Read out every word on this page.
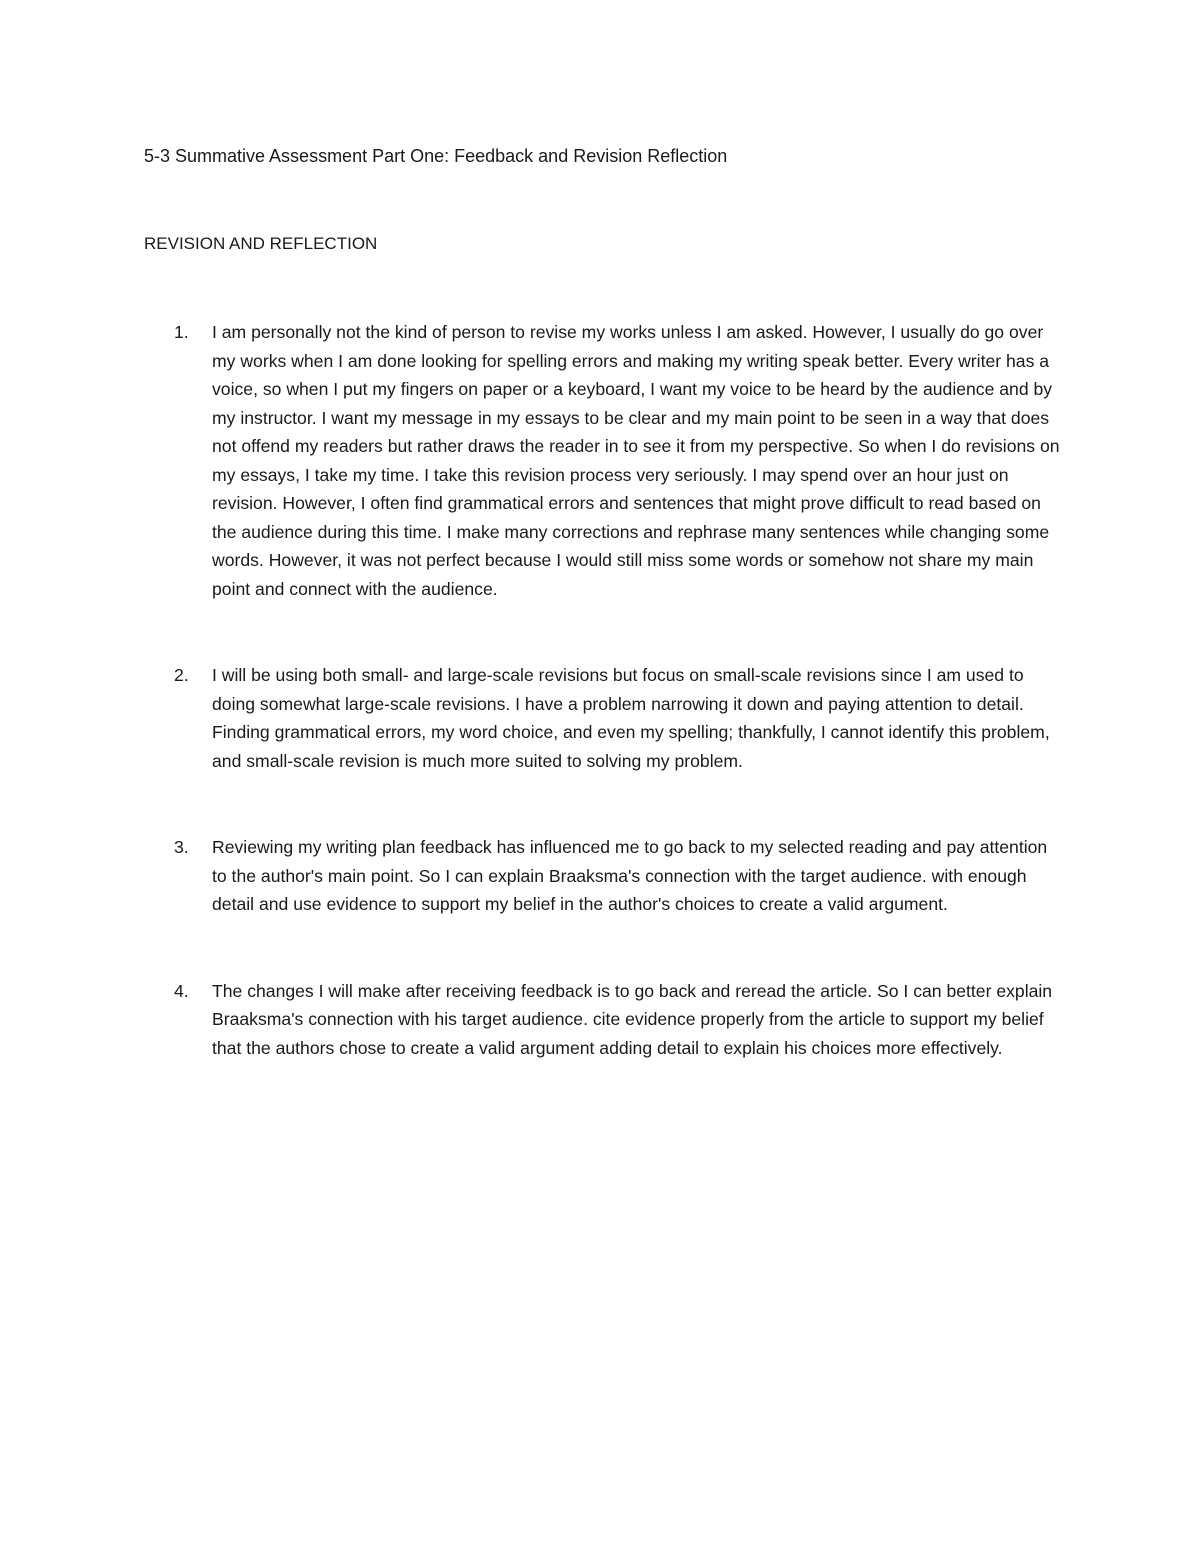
5-3 Summative Assessment Part One: Feedback and Revision Reflection
REVISION AND REFLECTION
1. I am personally not the kind of person to revise my works unless I am asked. However, I usually do go over my works when I am done looking for spelling errors and making my writing speak better. Every writer has a voice, so when I put my fingers on paper or a keyboard, I want my voice to be heard by the audience and by my instructor. I want my message in my essays to be clear and my main point to be seen in a way that does not offend my readers but rather draws the reader in to see it from my perspective. So when I do revisions on my essays, I take my time. I take this revision process very seriously. I may spend over an hour just on revision. However, I often find grammatical errors and sentences that might prove difficult to read based on the audience during this time. I make many corrections and rephrase many sentences while changing some words. However, it was not perfect because I would still miss some words or somehow not share my main point and connect with the audience.
2. I will be using both small- and large-scale revisions but focus on small-scale revisions since I am used to doing somewhat large-scale revisions. I have a problem narrowing it down and paying attention to detail. Finding grammatical errors, my word choice, and even my spelling; thankfully, I cannot identify this problem, and small-scale revision is much more suited to solving my problem.
3. Reviewing my writing plan feedback has influenced me to go back to my selected reading and pay attention to the author's main point. So I can explain Braaksma's connection with the target audience. with enough detail and use evidence to support my belief in the author's choices to create a valid argument.
4. The changes I will make after receiving feedback is to go back and reread the article. So I can better explain Braaksma's connection with his target audience. cite evidence properly from the article to support my belief that the authors chose to create a valid argument adding detail to explain his choices more effectively.
